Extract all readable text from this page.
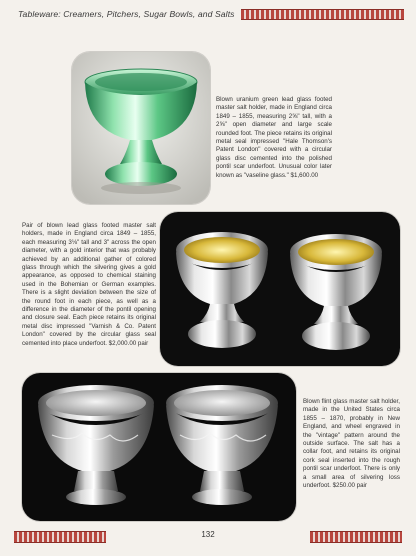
Tableware: Creamers, Pitchers, Sugar Bowls, and Salts
Blown uranium green lead glass footed master salt holder, made in England circa 1849 – 1855, measuring 2⅝" tall, with a 2⅝" open diameter and large scale rounded foot. The piece retains its original metal seal impressed "Hale Thomson's Patent London" covered with a circular glass disc cemented into the polished pontil scar underfoot. Unusual color later known as "vaseline glass." $1,600.00
Pair of blown lead glass footed master salt holders, made in England circa 1849 – 1855, each measuring 3⅛" tall and 3" across the open diameter, with a gold interior that was probably achieved by an additional gather of colored glass through which the silvering gives a gold appearance, as opposed to chemical staining used in the Bohemian or German examples. There is a slight deviation between the size of the round foot in each piece, as well as a difference in the diameter of the pontil opening and closure seal. Each piece retains its original metal disc impressed "Varnish & Co. Patent London" covered by the circular glass seal cemented into place underfoot. $2,000.00 pair
Blown flint glass master salt holder, made in the United States circa 1855 – 1870, probably in New England, and wheel engraved in the "vintage" pattern around the outside surface. The salt has a collar foot, and retains its original cork seal inserted into the rough pontil scar underfoot. There is only a small area of silvering loss underfoot. $250.00 pair
132
